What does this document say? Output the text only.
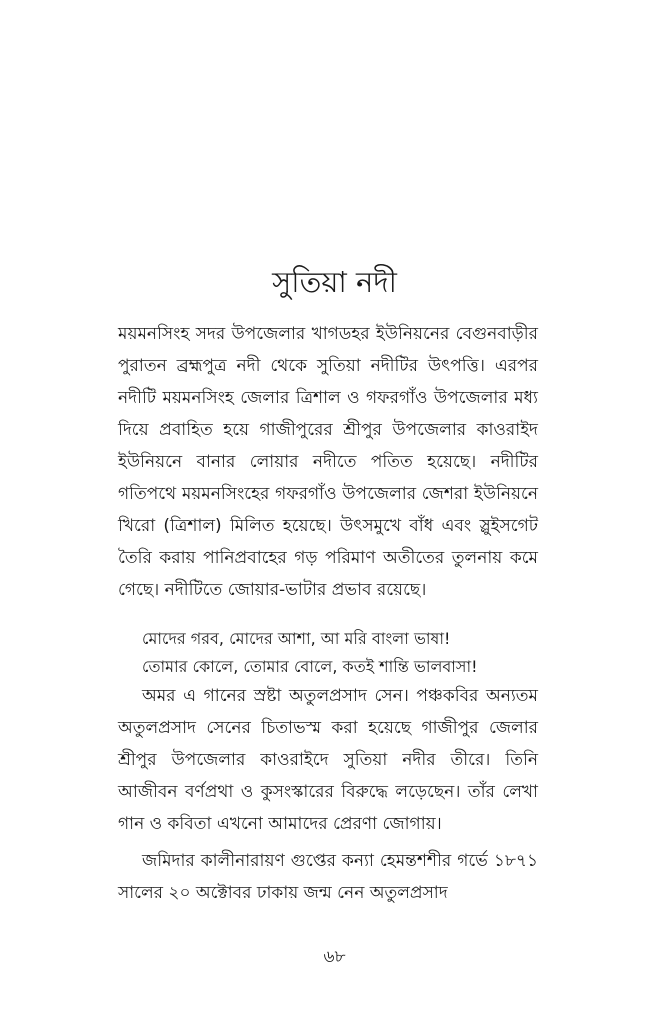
সুতিয়া নদী

ময়মনসিংহ সদর উপজেলার খাগডহর ইউনিয়নের বেগুনবাড়ীর পুরাতন ব্রহ্মপুত্র নদী থেকে সুতিয়া নদীটির উৎপত্তি। এরপর নদীটি ময়মনসিংহ জেলার ত্রিশাল ও গফরগাঁও উপজেলার মধ্য দিয়ে প্রবাহিত হয়ে গাজীপুরের শ্রীপুর উপজেলার কাওরাইদ ইউনিয়নে বানার লোয়ার নদীতে পতিত হয়েছে। নদীটির গতিপথে ময়মনসিংহের গফরগাঁও উপজেলার জেশরা ইউনিয়নে খিরো (ত্রিশাল) মিলিত হয়েছে। উৎসমুখে বাঁধ এবং স্লুইসগেট তৈরি করায় পানিপ্রবাহের গড় পরিমাণ অতীতের তুলনায় কমে গেছে। নদীটিতে জোয়ার-ভাটার প্রভাব রয়েছে।

মোদের গরব, মোদের আশা, আ মরি বাংলা ভাষা!

তোমার কোলে, তোমার বোলে, কতই শান্তি ভালবাসা!

অমর এ গানের স্রষ্টা অতুলপ্রসাদ সেন। পঞ্চকবির অন্যতম অতুলপ্রসাদ সেনের চিতাভস্ম করা হয়েছে গাজীপুর জেলার শ্রীপুর উপজেলার কাওরাইদে সুতিয়া নদীর তীরে। তিনি আজীবন বর্ণপ্রথা ও কুসংস্কারের বিরুদ্ধে লড়েছেন। তাঁর লেখা গান ও কবিতা এখনো আমাদের প্রেরণা জোগায়।

জমিদার কালীনারায়ণ গুপ্তের কন্যা হেমন্তশশীর গর্ভে ১৮৭১ সালের ২০ অক্টোবর ঢাকায় জন্ম নেন অতুলপ্রসাদ

৬৮
